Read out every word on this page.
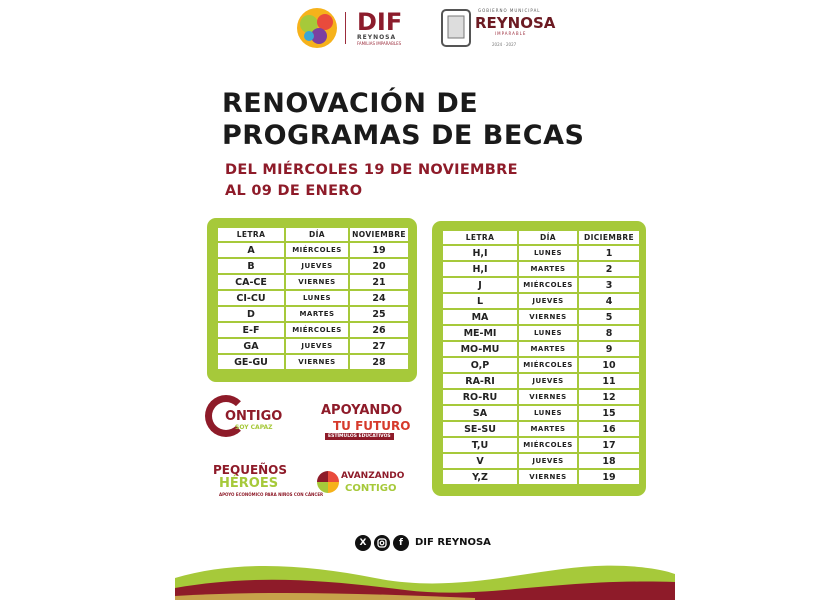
DIF
REYNOSA
FAMILIAS IMPARABLES
GOBIERNO MUNICIPAL
REYNOSA
IMPARABLE
2024 · 2027
RENOVACIÓN DE
PROGRAMAS DE BECAS
DEL MIÉRCOLES 19 DE NOVIEMBRE
AL 09 DE ENERO
LETRA	DÍA	NOVIEMBRE
A	MIÉRCOLES	19
B	JUEVES	20
CA-CE	VIERNES	21
CI-CU	LUNES	24
D	MARTES	25
E-F	MIÉRCOLES	26
GA	JUEVES	27
GE-GU	VIERNES	28
LETRA	DÍA	DICIEMBRE
H,I	LUNES	1
H,I	MARTES	2
J	MIÉRCOLES	3
L	JUEVES	4
MA	VIERNES	5
ME-MI	LUNES	8
MO-MU	MARTES	9
O,P	MIÉRCOLES	10
RA-RI	JUEVES	11
RO-RU	VIERNES	12
SA	LUNES	15
SE-SU	MARTES	16
T,U	MIÉRCOLES	17
V	JUEVES	18
Y,Z	VIERNES	19
ONTIGO
SOY CAPAZ
APOYANDO
TU FUTURO
ESTÍMULOS EDUCATIVOS
PEQUEÑOS
HÉROES
APOYO ECONÓMICO PARA NIÑOS CON CÁNCER
AVANZANDO
CONTIGO
X	f	DIF REYNOSA
